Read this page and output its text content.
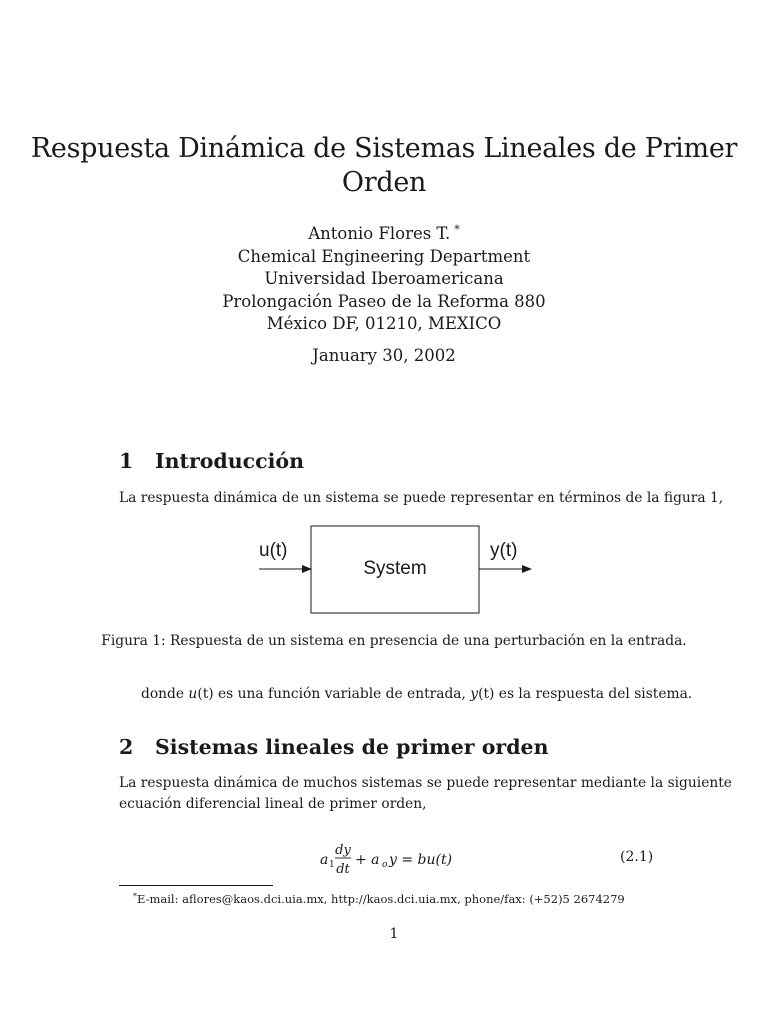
Respuesta Dinámica de Sistemas Lineales de Primer
Orden
Antonio Flores T. *
Chemical Engineering Department
Universidad Iberoamericana
Prolongación Paseo de la Reforma 880
México DF, 01210, MEXICO
January 30, 2002
1 Introducción
La respuesta dinámica de un sistema se puede representar en términos de la figura 1,
u(t)	y(t)
System
Figura 1: Respuesta de un sistema en presencia de una perturbación en la entrada.
donde u(t) es una función variable de entrada, y(t) es la respuesta del sistema.
2 Sistemas lineales de primer orden
La respuesta dinámica de muchos sistemas se puede representar mediante la siguiente
ecuación diferencial lineal de primer orden,
a 1
dy
dt
+ a o y = bu(t)	(2.1)
*E-mail: aflores@kaos.dci.uia.mx, http://kaos.dci.uia.mx, phone/fax: (+52)5 2674279
1
